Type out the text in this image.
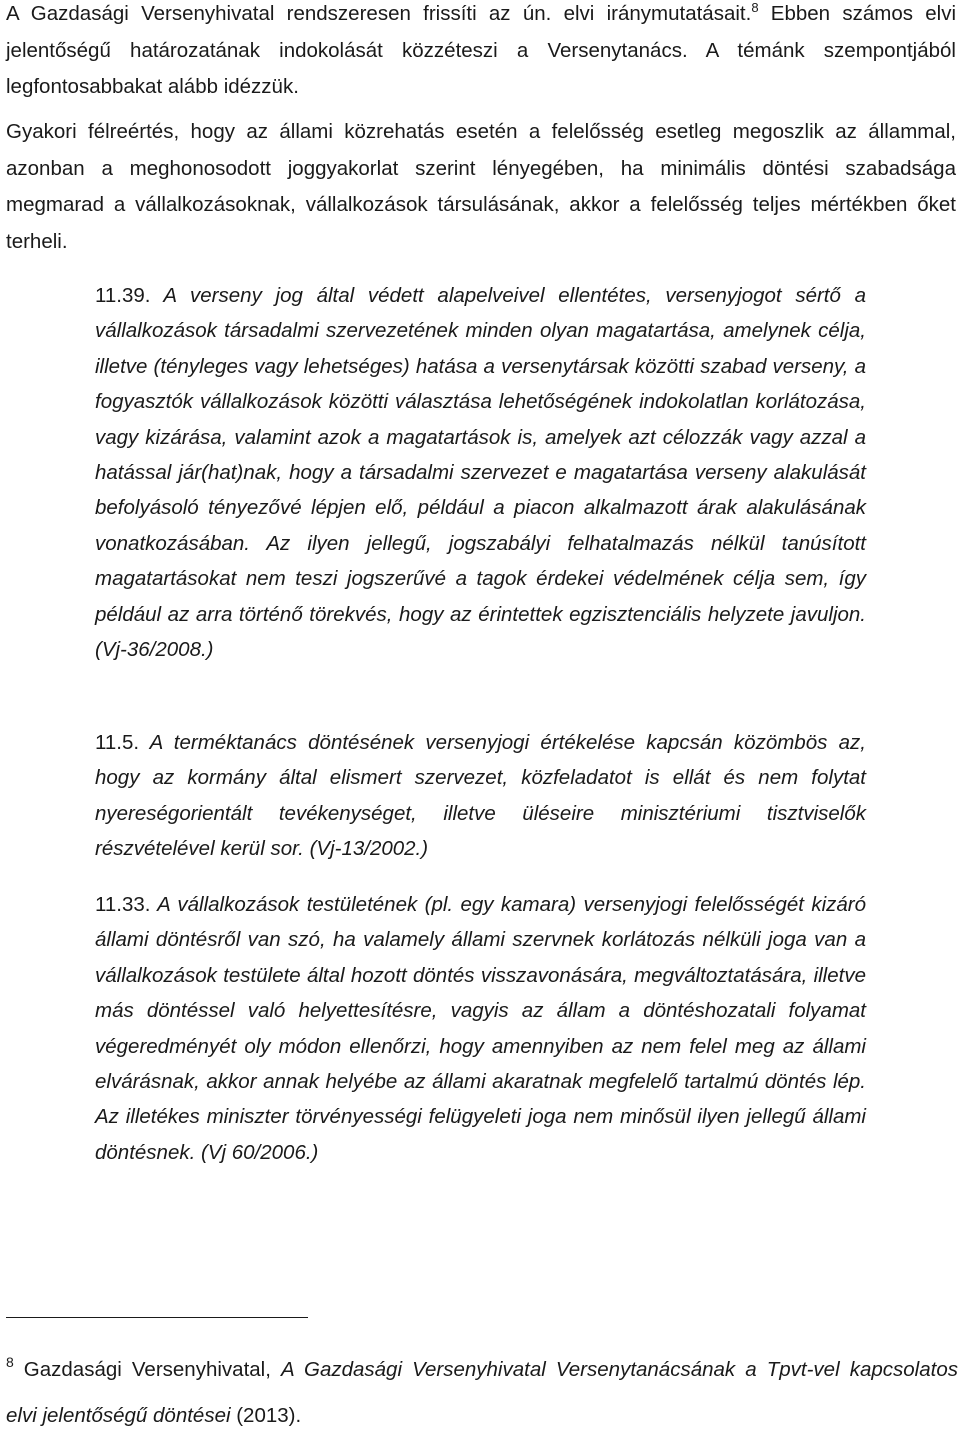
A Gazdasági Versenyhivatal rendszeresen frissíti az ún. elvi iránymutatásait.$^8$ Ebben számos elvi jelentőségű határozatának indokolását közzéteszi a Versenytanács. A témánk szempontjából legfontosabbakat alább idézzük.

Gyakori félreértés, hogy az állami közrehatás esetén a felelősség esetleg megoszlik az állammal, azonban a meghonosodott joggyakorlat szerint lényegében, ha minimális döntési szabadsága megmarad a vállalkozásoknak, vállalkozások társulásának, akkor a felelősség teljes mértékben őket terheli.

11.39. A verseny jog által védett alapelveivel ellentétes, versenyjogot sértő a vállalkozások társadalmi szervezetének minden olyan magatartása, amelynek célja, illetve (tényleges vagy lehetséges) hatása a versenytársak közötti szabad verseny, a fogyasztók vállalkozások közötti választása lehetőségének indokolatlan korlátozása, vagy kizárása, valamint azok a magatartások is, amelyek azt célozzák vagy azzal a hatással jár(hat)nak, hogy a társadalmi szervezet e magatartása verseny alakulását befolyásoló tényezővé lépjen elő, például a piacon alkalmazott árak alakulásának vonatkozásában. Az ilyen jellegű, jogszabályi felhatalmazás nélkül tanúsított magatartásokat nem teszi jogszerűvé a tagok érdekei védelmének célja sem, így például az arra történő törekvés, hogy az érintettek egzisztenciális helyzete javuljon. (Vj-36/2008.)

11.5. A terméktanács döntésének versenyjogi értékelése kapcsán közömbös az, hogy az kormány által elismert szervezet, közfeladatot is ellát és nem folytat nyereségorientált tevékenységet, illetve üléseire minisztériumi tisztviselők részvételével kerül sor. (Vj-13/2002.)

11.33. A vállalkozások testületének (pl. egy kamara) versenyjogi felelősségét kizáró állami döntésről van szó, ha valamely állami szervnek korlátozás nélküli joga van a vállalkozások testülete által hozott döntés visszavonására, megváltoztatására, illetve más döntéssel való helyettesítésre, vagyis az állam a döntéshozatali folyamat végeredményét oly módon ellenőrzi, hogy amennyiben az nem felel meg az állami elvárásnak, akkor annak helyébe az állami akaratnak megfelelő tartalmú döntés lép. Az illetékes miniszter törvényességi felügyeleti joga nem minősül ilyen jellegű állami döntésnek. (Vj 60/2006.)

$^8$ Gazdasági Versenyhivatal, A Gazdasági Versenyhivatal Versenytanácsának a Tpvt-vel kapcsolatos elvi jelentőségű döntései (2013).
